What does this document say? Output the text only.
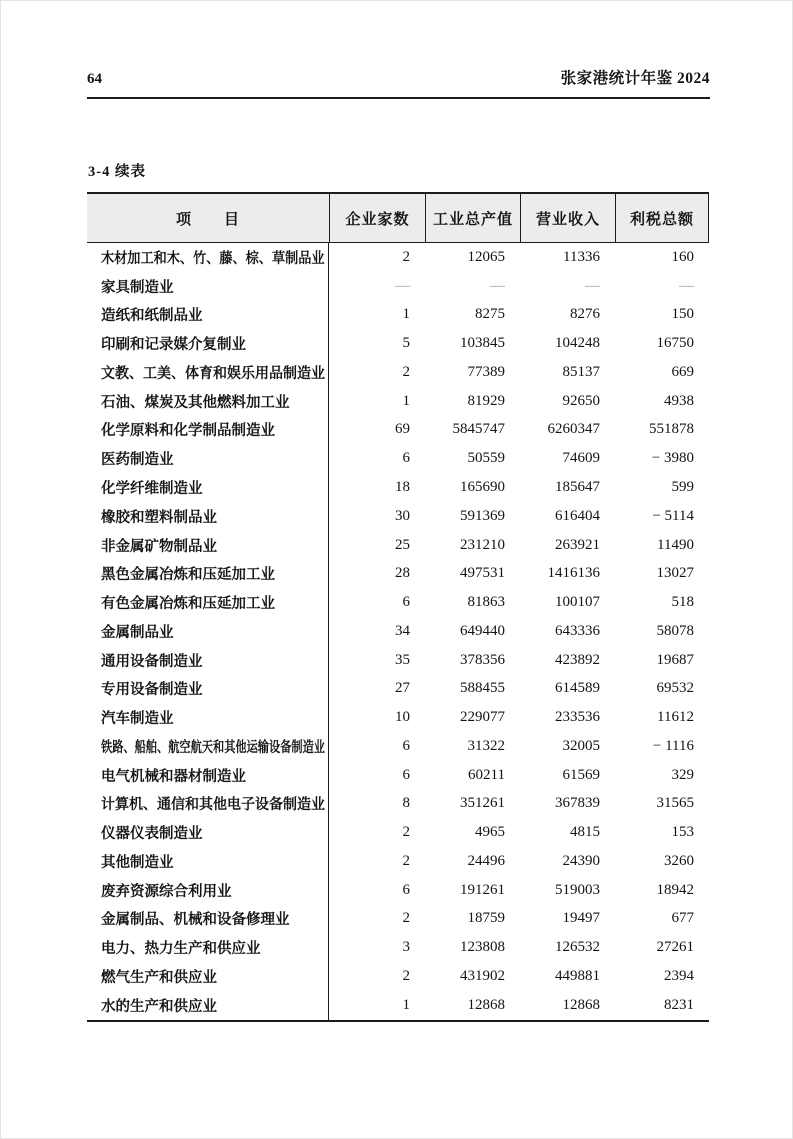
64	张家港统计年鉴 2024
3-4 续表
项　　目	企业家数	工业总产值	营业收入	利税总额
木材加工和木、竹、藤、棕、草制品业	2	12065	11336	160
家具制造业	—	—	—	—
造纸和纸制品业	1	8275	8276	150
印刷和记录媒介复制业	5	103845	104248	16750
文教、工美、体育和娱乐用品制造业	2	77389	85137	669
石油、煤炭及其他燃料加工业	1	81929	92650	4938
化学原料和化学制品制造业	69	5845747	6260347	551878
医药制造业	6	50559	74609	− 3980
化学纤维制造业	18	165690	185647	599
橡胶和塑料制品业	30	591369	616404	− 5114
非金属矿物制品业	25	231210	263921	11490
黑色金属冶炼和压延加工业	28	497531	1416136	13027
有色金属冶炼和压延加工业	6	81863	100107	518
金属制品业	34	649440	643336	58078
通用设备制造业	35	378356	423892	19687
专用设备制造业	27	588455	614589	69532
汽车制造业	10	229077	233536	11612
铁路、船舶、航空航天和其他运输设备制造业	6	31322	32005	− 1116
电气机械和器材制造业	6	60211	61569	329
计算机、通信和其他电子设备制造业	8	351261	367839	31565
仪器仪表制造业	2	4965	4815	153
其他制造业	2	24496	24390	3260
废弃资源综合利用业	6	191261	519003	18942
金属制品、机械和设备修理业	2	18759	19497	677
电力、热力生产和供应业	3	123808	126532	27261
燃气生产和供应业	2	431902	449881	2394
水的生产和供应业	1	12868	12868	8231
